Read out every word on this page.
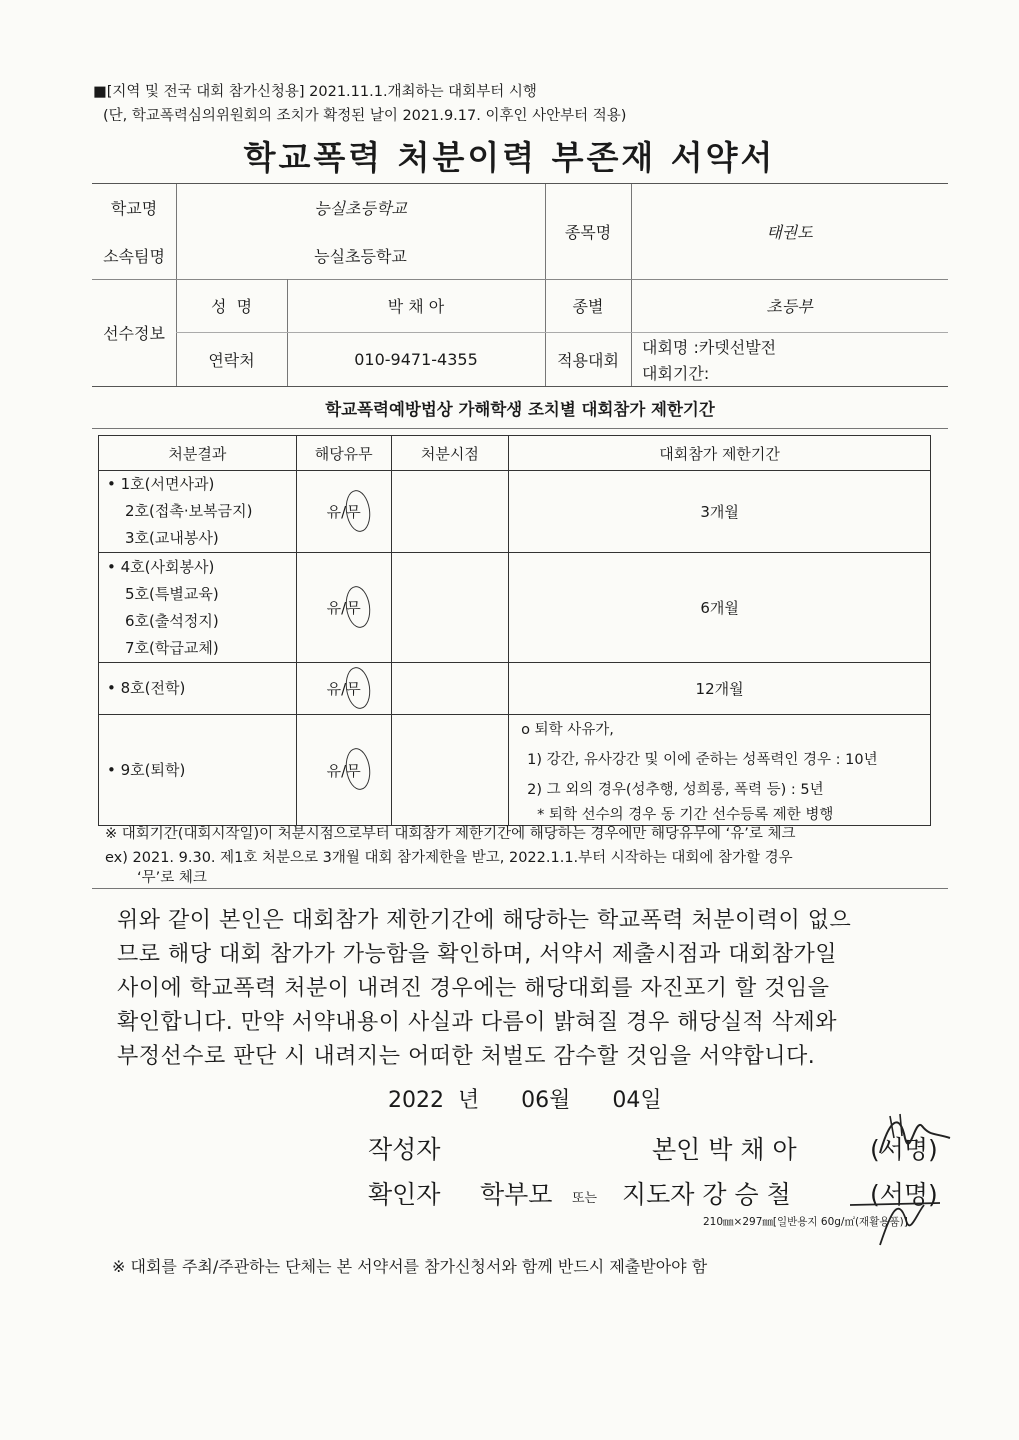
■[지역 및 전국 대회 참가신청용] 2021.11.1.개최하는 대회부터 시행
(단, 학교폭력심의위원회의 조치가 확정된 날이 2021.9.17. 이후인 사안부터 적용)
학교폭력 처분이력 부존재 서약서
학교명	능실초등학교
소속팀명	능실초등학교
종목명	태권도
선수정보
성  명	박 채 아
연락처	010-9471-4355
종별	초등부
적용대회
대회명 :카뎃선발전
대회기간:
학교폭력예방법상 가해학생 조치별 대회참가 제한기간
처분결과	해당유무	처분시점	대회참가 제한기간

• 1호(서면사과)
2호(접촉·보복금지)
3호(교내봉사)	유/무		3개월

• 4호(사회봉사)
5호(특별교육)
6호(출석정지)
7호(학급교체)	유/무		6개월

• 8호(전학)	유/무		12개월

• 9호(퇴학)	유/무		o 퇴학 사유가,
1) 강간, 유사강간 및 이에 준하는 성폭력인 경우 : 10년
2) 그 외의 경우(성추행, 성희롱, 폭력 등) : 5년
* 퇴학 선수의 경우 동 기간 선수등록 제한 병행
※ 대회기간(대회시작일)이 처분시점으로부터 대회참가 제한기간에 해당하는 경우에만 해당유무에 ‘유’로 체크
ex) 2021. 9.30. 제1호 처분으로 3개월 대회 참가제한을 받고, 2022.1.1.부터 시작하는 대회에 참가할 경우
‘무’로 체크
위와 같이 본인은 대회참가 제한기간에 해당하는 학교폭력 처분이력이 없으
므로 해당 대회 참가가 가능함을 확인하며, 서약서 제출시점과 대회참가일
사이에 학교폭력 처분이 내려진 경우에는 해당대회를 자진포기 할 것임을
확인합니다. 만약 서약내용이 사실과 다름이 밝혀질 경우 해당실적 삭제와
부정선수로 판단 시 내려지는 어떠한 처벌도 감수할 것임을 서약합니다.
2022  년      06월      04일
작성자	본인 박 채 아	(서명)
확인자 학부모 또는 지도자 강 승 철	(서명)
210㎜×297㎜[일반용지 60g/㎡(재활용품)]
※ 대회를 주최/주관하는 단체는 본 서약서를 참가신청서와 함께 반드시 제출받아야 함
